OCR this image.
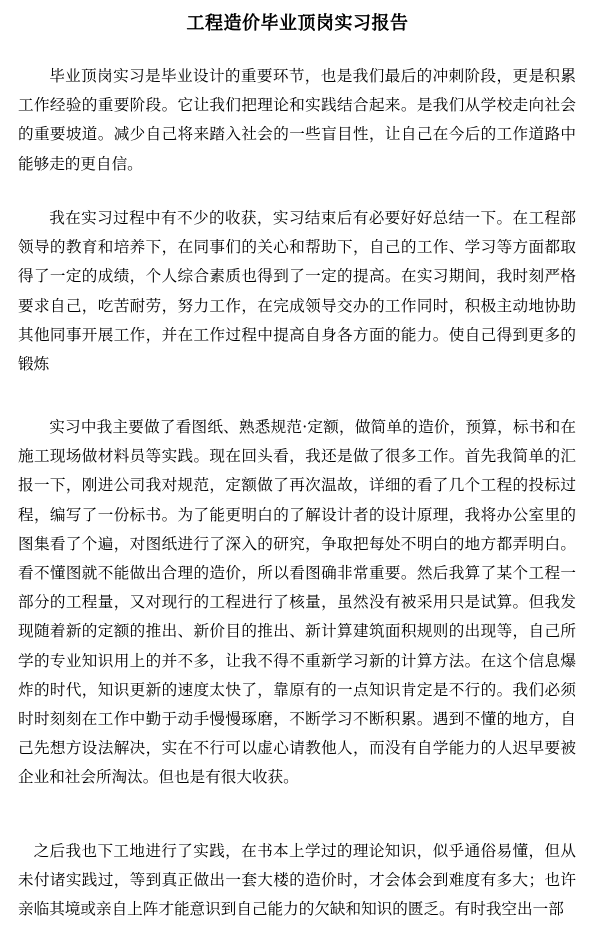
工程造价毕业顶岗实习报告

毕业顶岗实习是毕业设计的重要环节，也是我们最后的冲刺阶段，更是积累工作经验的重要阶段。它让我们把理论和实践结合起来。是我们从学校走向社会的重要坡道。减少自己将来踏入社会的一些盲目性，让自己在今后的工作道路中能够走的更自信。

我在实习过程中有不少的收获，实习结束后有必要好好总结一下。在工程部领导的教育和培养下，在同事们的关心和帮助下，自己的工作、学习等方面都取得了一定的成绩，个人综合素质也得到了一定的提高。在实习期间，我时刻严格要求自己，吃苦耐劳，努力工作，在完成领导交办的工作同时，积极主动地协助其他同事开展工作，并在工作过程中提高自身各方面的能力。使自己得到更多的锻炼

实习中我主要做了看图纸、熟悉规范·定额，做简单的造价，预算，标书和在施工现场做材料员等实践。现在回头看，我还是做了很多工作。首先我简单的汇报一下，刚进公司我对规范，定额做了再次温故，详细的看了几个工程的投标过程，编写了一份标书。为了能更明白的了解设计者的设计原理，我将办公室里的图集看了个遍，对图纸进行了深入的研究，争取把每处不明白的地方都弄明白。看不懂图就不能做出合理的造价，所以看图确非常重要。然后我算了某个工程一部分的工程量，又对现行的工程进行了核量，虽然没有被采用只是试算。但我发现随着新的定额的推出、新价目的推出、新计算建筑面积规则的出现等，自己所学的专业知识用上的并不多，让我不得不重新学习新的计算方法。在这个信息爆炸的时代，知识更新的速度太快了，靠原有的一点知识肯定是不行的。我们必须时时刻刻在工作中勤于动手慢慢琢磨，不断学习不断积累。遇到不懂的地方，自己先想方设法解决，实在不行可以虚心请教他人，而没有自学能力的人迟早要被企业和社会所淘汰。但也是有很大收获。

之后我也下工地进行了实践，在书本上学过的理论知识，似乎通俗易懂，但从未付诸实践过，等到真正做出一套大楼的造价时，才会体会到难度有多大；也许亲临其境或亲自上阵才能意识到自己能力的欠缺和知识的匮乏。有时我空出一部
